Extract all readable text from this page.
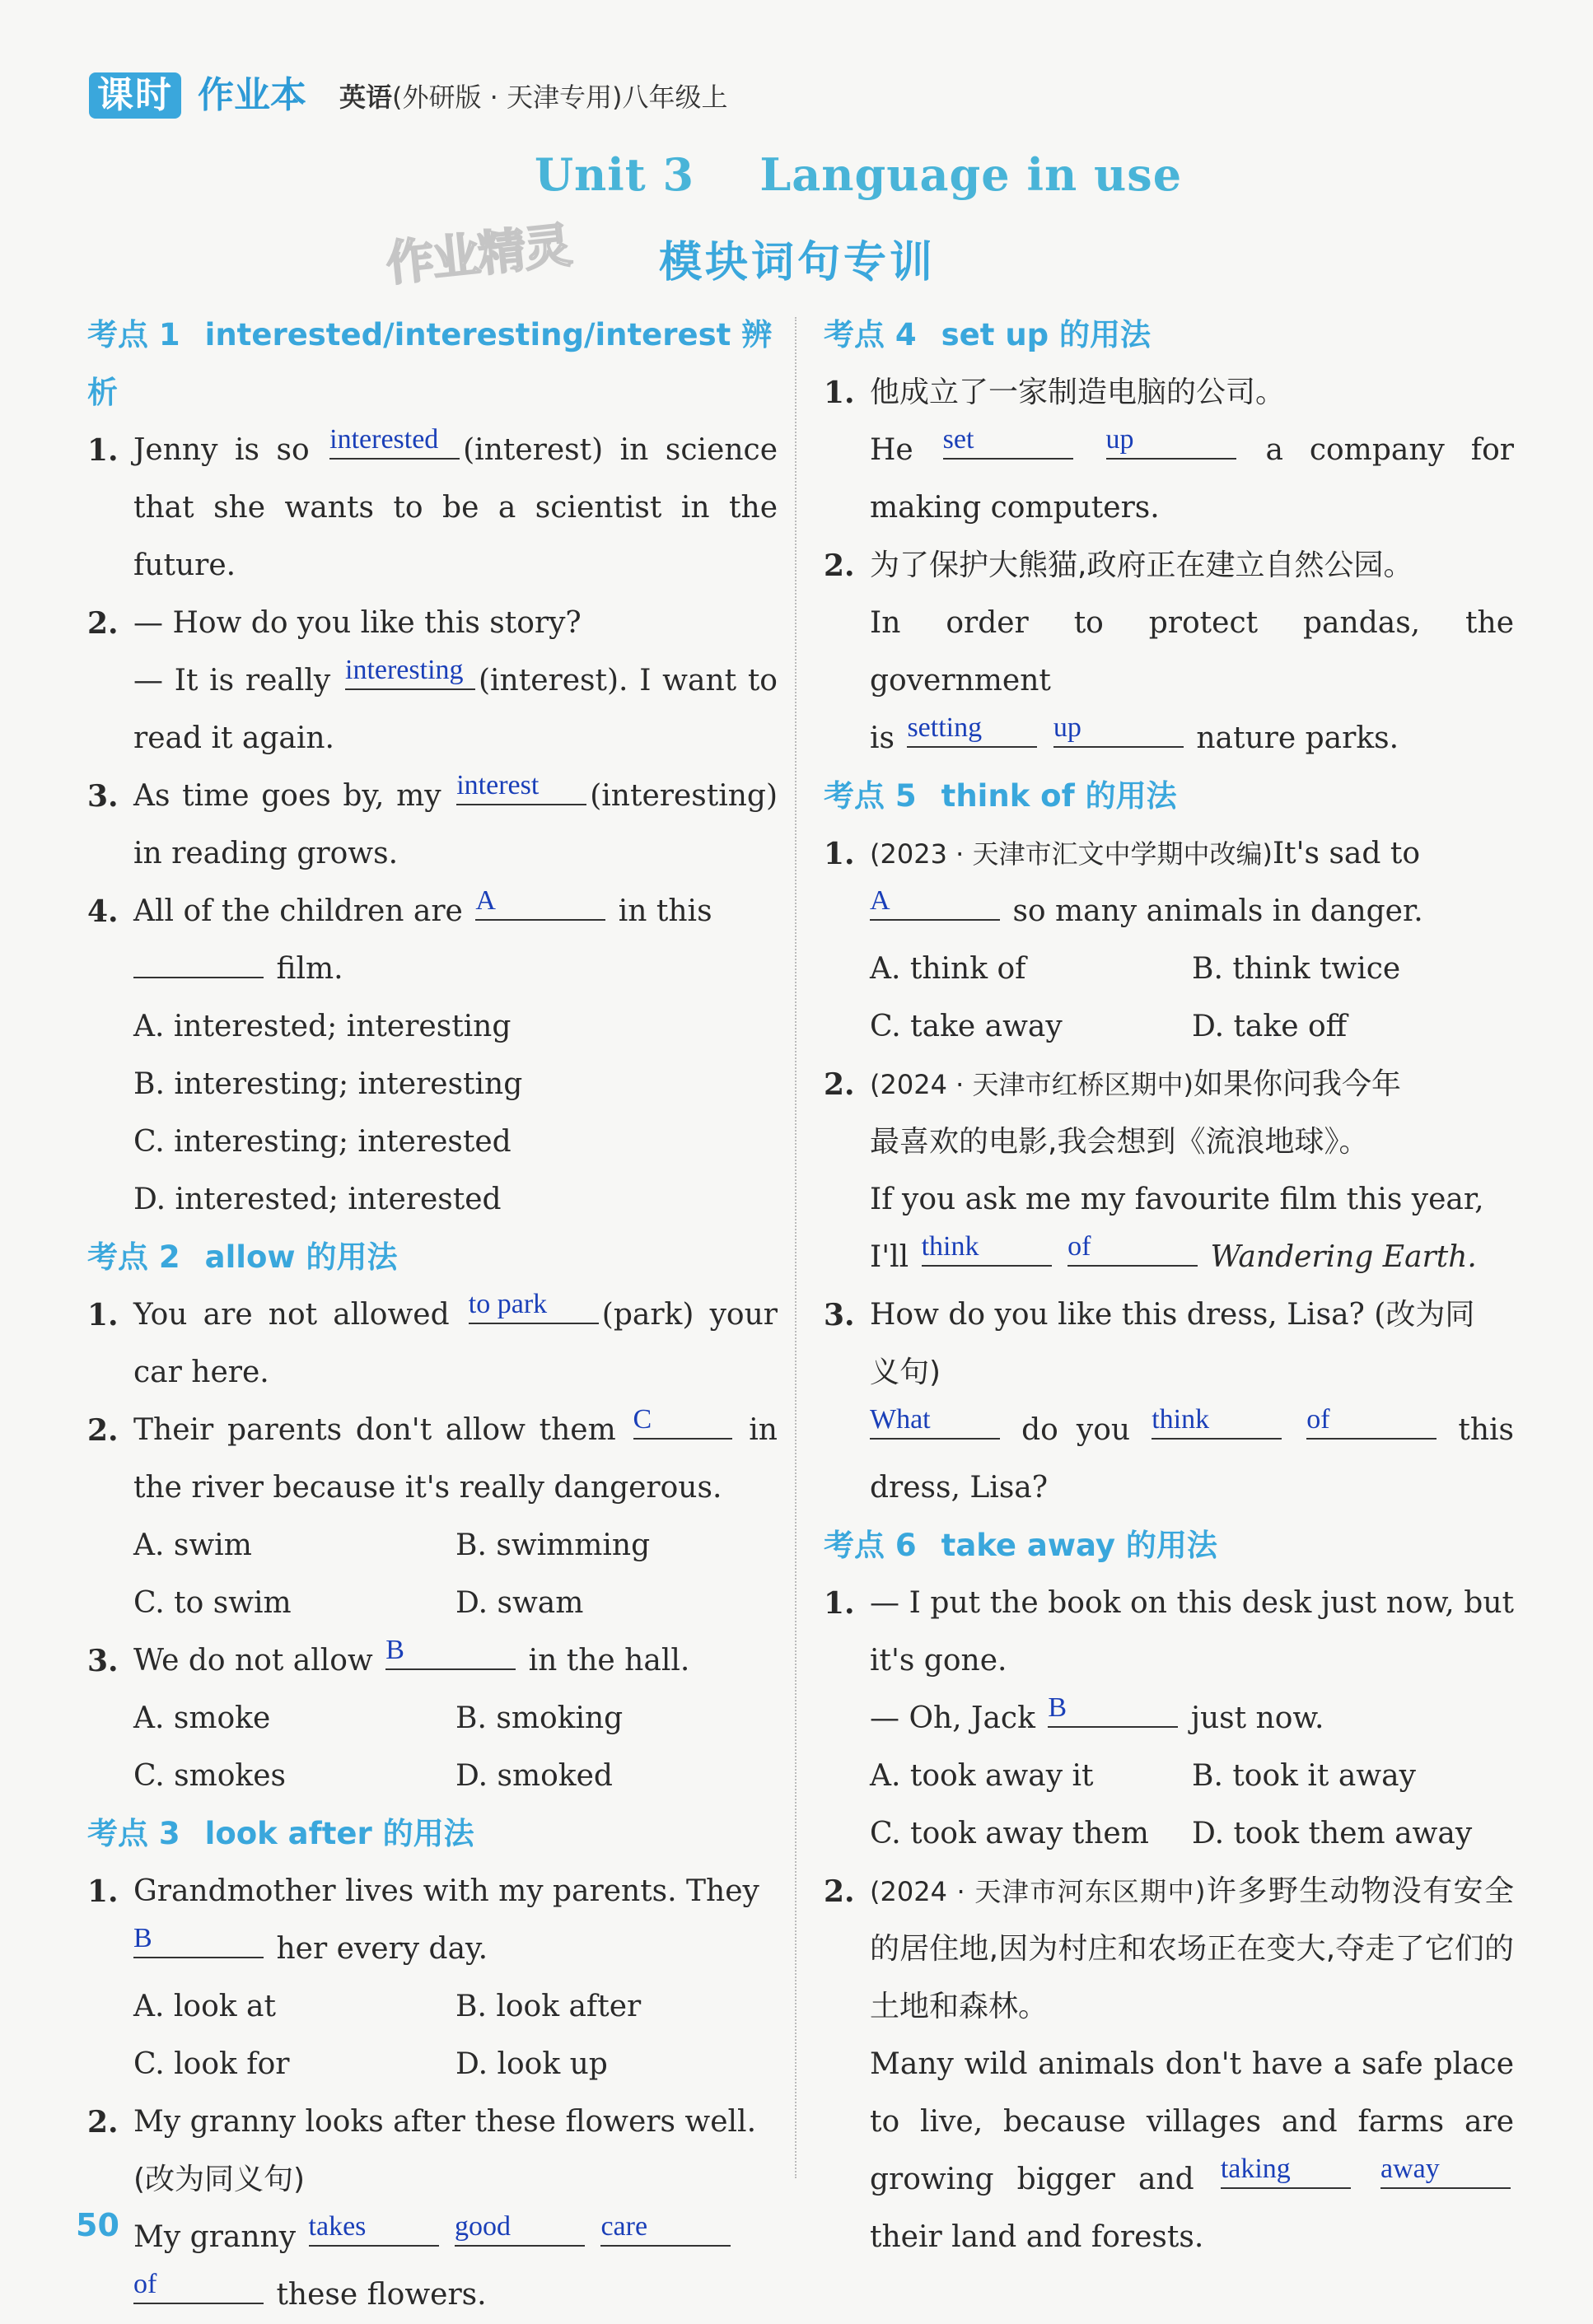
课时 作业本 英语(外研版 · 天津专用)八年级上
Unit 3    Language in use
作业精灵 模块词句专训
考点 1 interested/interesting/interest 辨析
1. Jenny is so interested (interest) in science that she wants to be a scientist in the future.
2. — How do you like this story?
— It is really interesting (interest). I want to read it again.
3. As time goes by, my interest	(interesting) in reading grows.
4. All of the children are A	in this

film.
A. interested; interesting
B. interesting; interesting
C. interesting; interested
D. interested; interested
考点 2 allow 的用法
1. You are not allowed to park	(park) your car here.
2. Their parents don't allow them C	in the river because it's really dangerous.
A. swim	B. swimming
C. to swim	D. swam
3. We do not allow B	in the hall.
A. smoke	B. smoking
C. smokes	D. smoked
考点 3 look after 的用法
1. Grandmother lives with my parents. They

B	her every day.
A. look at	B. look after
C. look for	D. look up
2. My granny looks after these flowers well.
(改为同义句)
My granny takes
	good
	care

of	these flowers.
考点 4 set up 的用法
1. 他成立了一家制造电脑的公司。
He set
	up	a company for making computers.
2. 为了保护大熊猫,政府正在建立自然公园。
In order to protect pandas, the government
is setting
	up	nature parks.
考点 5 think of 的用法
1. (2023 · 天津市汇文中学期中改编)It's sad to

A	so many animals in danger.
A. think of	B. think twice
C. take away	D. take off
2. (2024 · 天津市红桥区期中)如果你问我今年
最喜欢的电影,我会想到《流浪地球》。
If you ask me my favourite film this year,
I'll think
	of	Wandering Earth.
3. How do you like this dress, Lisa? (改为同
义句)

What	do you think
	of	this dress, Lisa?
考点 6 take away 的用法
1. — I put the book on this desk just now, but it's gone.
— Oh, Jack B	just now.
A. took away it	B. took it away
C. took away them	D. took them away
2. (2024 · 天津市河东区期中)许多野生动物没有安全的居住地,因为村庄和农场正在变大,夺走了它们的土地和森林。
Many wild animals don't have a safe place to live, because villages and farms are growing bigger and taking
	away
their land and forests.
50
